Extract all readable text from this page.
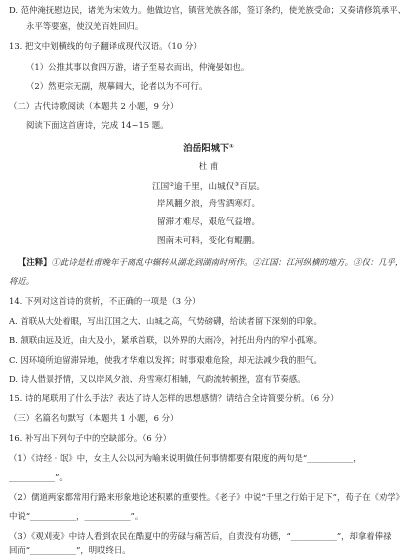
D. 范仲淹抚慰边民，诸羌为宋效力。他做边官，镇营羌族各部，签订条约，使羌族受命；又奏请修筑承平、
永平等要塞，使汉羌百姓回归。
13. 把文中划横线的句子翻译成现代汉语。（10 分）
（1）公推其事以食四万游，诸子至易衣而出，仲淹晏如也。
（2）然更宗无副，规摹阔大，论者以为不可行。
（二）古代诗歌阅读（本题共 2 小题，9 分）
阅读下面这首唐诗，完成 14~15 题。
泊岳阳城下①
杜 甫
江国②逾千里，山城仅③百层。
岸风翻夕浪，舟雪洒寒灯。
留滞才难尽，艰危气益增。
图南未可料，变化有鲲鹏。
【注释】①此诗是杜甫晚年于离乱中辗转从湖北到湖南时所作。②江国：江河纵横的地方。③仅：几乎，
将近。
14. 下列对这首诗的赏析，不正确的一项是（3 分）
A. 首联从大处着眼，写出江国之大、山城之高，气势磅礴，给读者留下深刻的印象。
B. 颔联由远及近，由大及小，紧承首联，以外界的大雨冷，衬托出舟内的窄小孤寒。
C. 因环境所迫留滞异地，使我才华难以发挥；时事艰难危险，却无法减少我的胆气。
D. 诗人借景抒情，又以岸风夕浪、舟雪寒灯相辅，气韵流转顿挫，富有节奏感。
15. 诗的尾联用了什么手法？表达了诗人怎样的思想感情？请结合全诗简要分析。（6 分）
（三）名篇名句默写（本题共 1 小题，6 分）
16. 补写出下列句子中的空缺部分。（6 分）
（1）《诗经 · 氓》中，女主人公以河为喻来说明做任何事情都要有限度的两句是“___________，
___________”。
（2）儒道两家都常用行路来形象地论述积累的重要性。《老子》中说“千里之行始于足下”，荀子在《劝学》
中说“___________，___________”。
（3）《观刈麦》中诗人看到农民在酷夏中的劳碌与痛苦后，自责没有功德，“___________”，却拿着俸禄
回而“___________”，明哎终日。
